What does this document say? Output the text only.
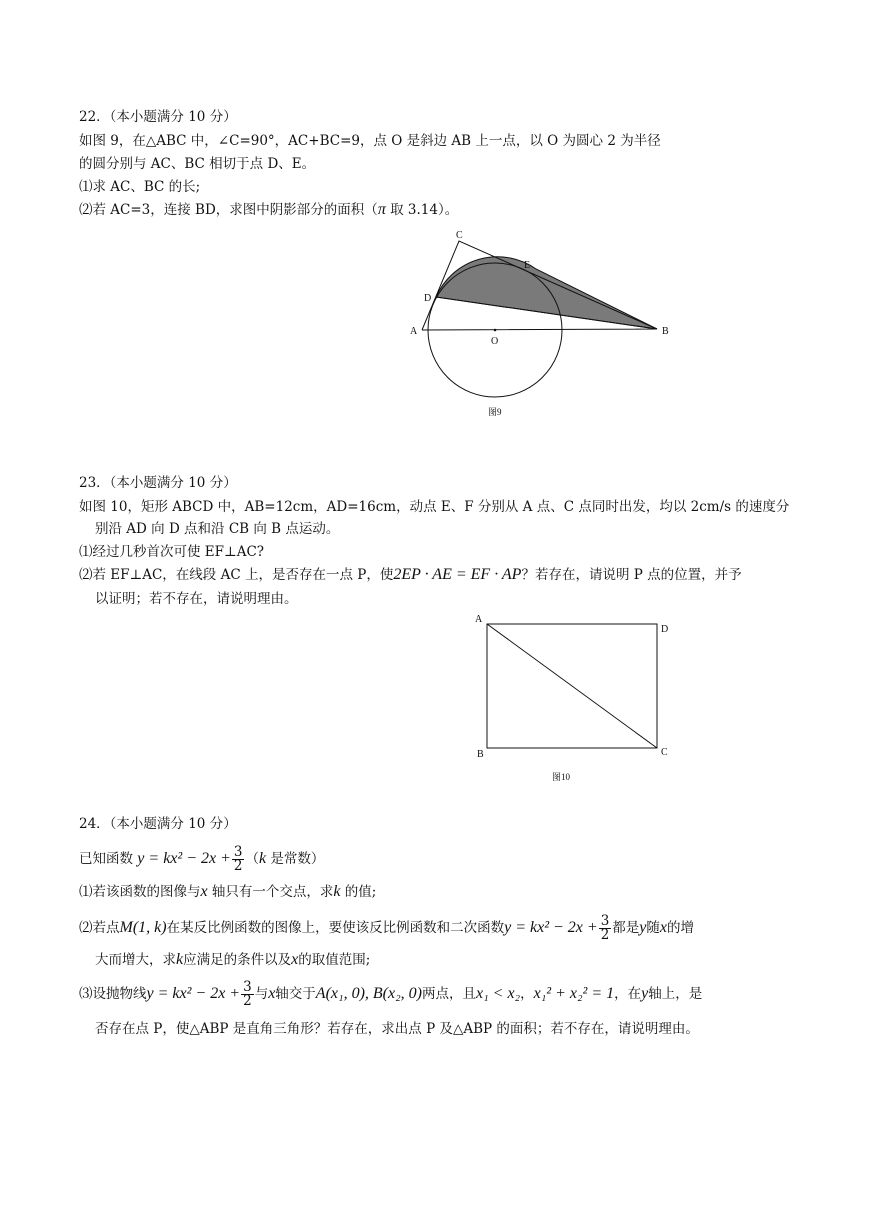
22．（本小题满分 10 分）
如图 9，在△ABC 中，∠C=90°，AC+BC=9，点 O 是斜边 AB 上一点，以 O 为圆心 2 为半径
的圆分别与 AC、BC 相切于点 D、E。
⑴求 AC、BC 的长;
⑵若 AC=3，连接 BD，求图中阴影部分的面积（π 取 3.14）。
C
E
D
A	B
O
图9
A
D
B	C
图10
23．（本小题满分 10 分）
如图 10，矩形 ABCD 中，AB=12cm，AD=16cm，动点 E、F 分别从 A 点、C 点同时出发，均以 2cm/s 的速度分
别沿 AD 向 D 点和沿 CB 向 B 点运动。
⑴经过几秒首次可使 EF⊥AC?
⑵若 EF⊥AC，在线段 AC 上，是否存在一点 P，使2EP · AE = EF · AP？若存在，请说明 P 点的位置，并予
以证明；若不存在，请说明理由。
24．（本小题满分 10 分）
已知函数 $y = kx^2 - 2x + \frac{3}{2} (k$ 是常数）
⑴若该函数的图像与x 轴只有一个交点，求k 的值;
⑵若点M(1, k)在某反比例函数的图像上，要使该反比例函数和二次函数$y = kx^2 - 2x + \frac{3}{2}$ 都是y随x的增
大而增大，求k应满足的条件以及x的取值范围;
⑶设抛物线$y = kx^2 - 2x + \frac{3}{2}$ 与x轴交于A(x₁, 0), B(x₂, 0)两点，且x₁ < x₂，x₁² + x₂² = 1，在y轴上，是
否存在点 P，使△ABP 是直角三角形？若存在，求出点 P 及△ABP 的面积；若不存在，请说明理由。
